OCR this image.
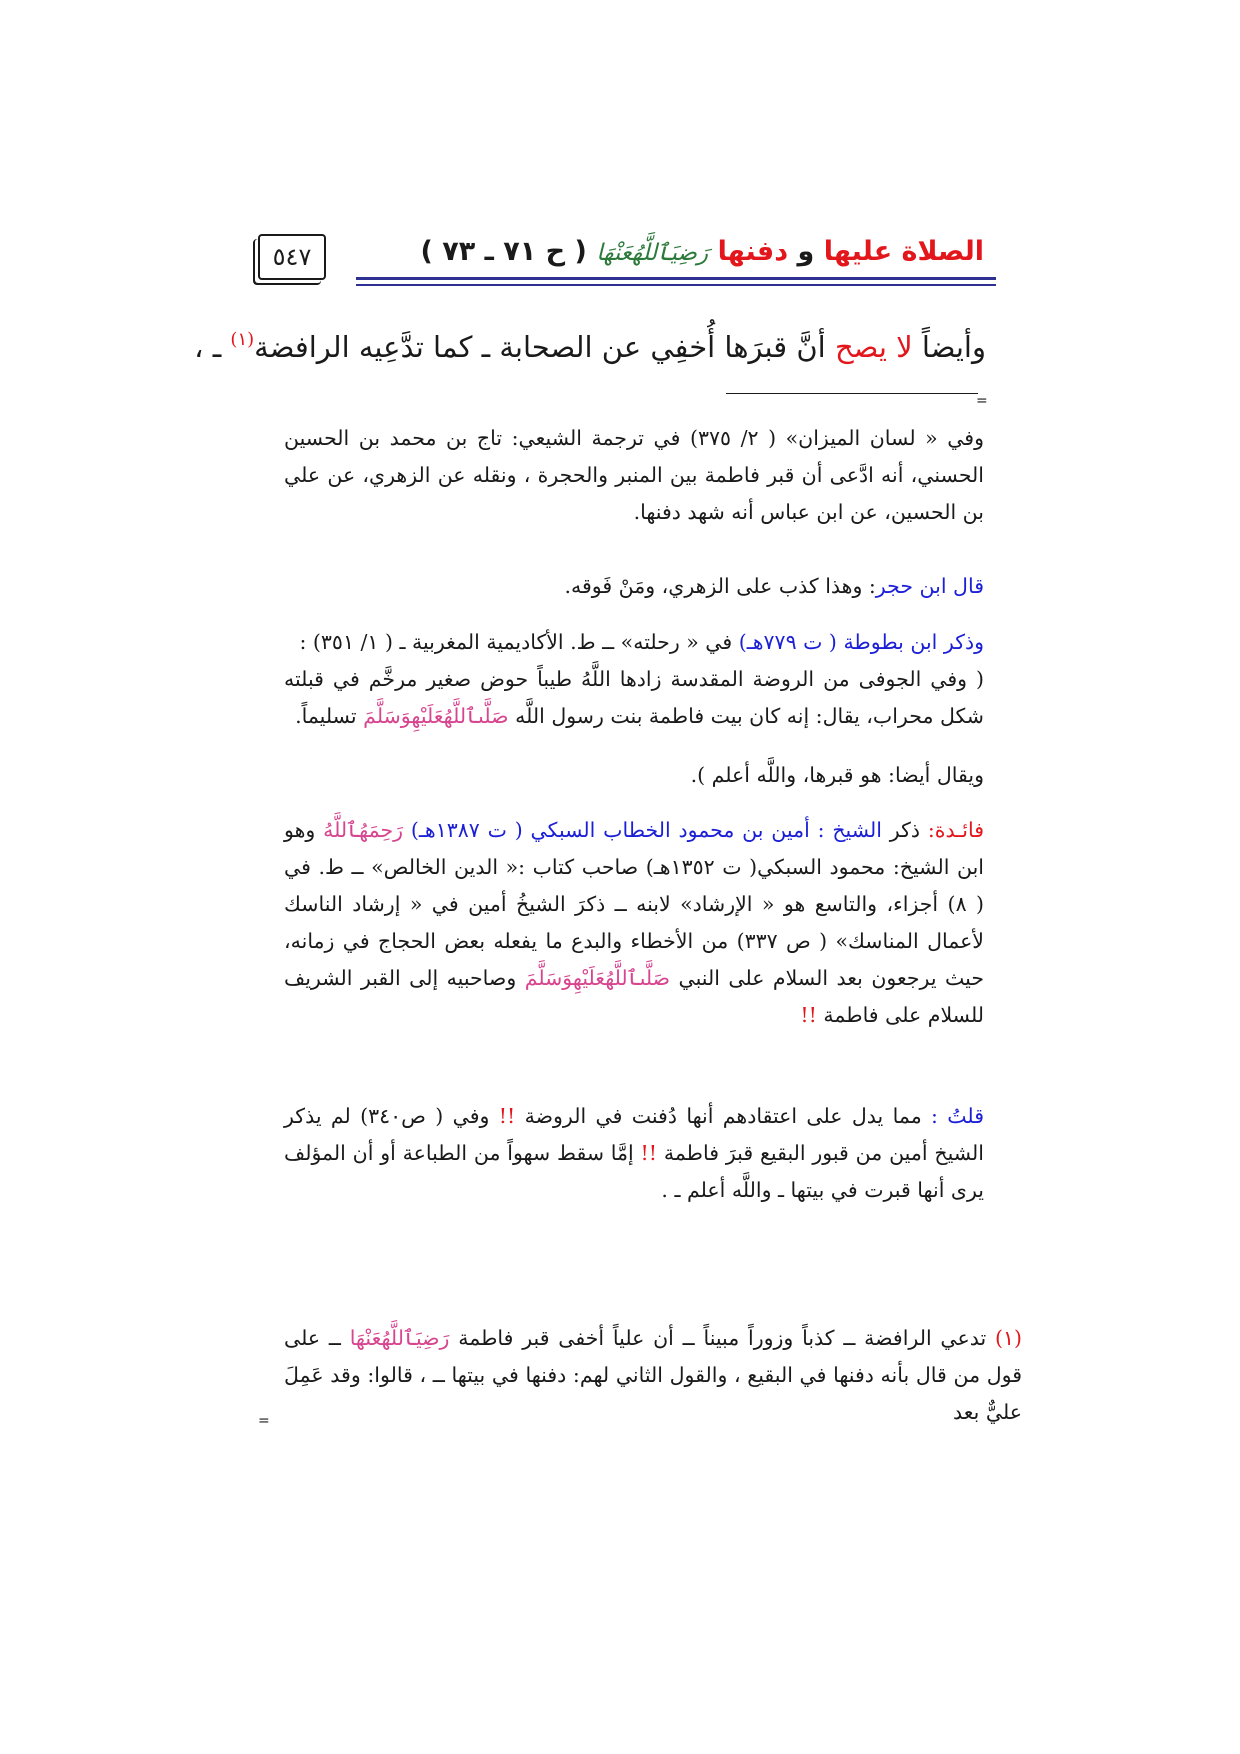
الصلاة عليها و دفنها رَضِيَٱللَّهُعَنْهَا ( ح ٧١ ـ ٧٣ )
٥٤٧
وأيضاً لا يصح أنَّ قبرَها أُخفِي عن الصحابة ـ كما تدَّعِيه الرافضة$^{(١)}$ ـ ،
=

وفي « لسان الميزان» ( ٢/ ٣٧٥) في ترجمة الشيعي: تاج بن محمد بن الحسين الحسني، أنه ادَّعى أن قبر فاطمة بين المنبر والحجرة ، ونقله عن الزهري، عن علي بن الحسين، عن ابن عباس أنه شهد دفنها.

قال ابن حجر: وهذا كذب على الزهري، ومَنْ فَوقه.

وذكر ابن بطوطة ( ت ٧٧٩هـ) في « رحلته» ــ ط. الأكاديمية المغربية ـ ( ١/ ٣٥١) :

( وفي الجوفى من الروضة المقدسة زادها اللَّهُ طيباً حوض صغير مرخَّم في قبلته شكل محراب، يقال: إنه كان بيت فاطمة بنت رسول اللَّه صَلَّىٱللَّهُعَلَيْهِوَسَلَّمَ تسليماً.

ويقال أيضا: هو قبرها، واللَّه أعلم ).

فائـدة: ذكر الشيخ : أمين بن محمود الخطاب السبكي ( ت ١٣٨٧هـ) رَحِمَهُٱللَّهُ وهو ابن الشيخ: محمود السبكي( ت ١٣٥٢هـ) صاحب كتاب :« الدين الخالص» ــ ط. في ( ٨) أجزاء، والتاسع هو « الإرشاد» لابنه ــ ذكرَ الشيخُ أمين في « إرشاد الناسك لأعمال المناسك» ( ص ٣٣٧) من الأخطاء والبدع ما يفعله بعض الحجاج في زمانه، حيث يرجعون بعد السلام على النبي صَلَّىٱللَّهُعَلَيْهِوَسَلَّمَ وصاحبيه إلى القبر الشريف للسلام على فاطمة !!

قلتُ : مما يدل على اعتقادهم أنها دُفنت في الروضة !! وفي ( ص٣٤٠) لم يذكر الشيخ أمين من قبور البقيع قبرَ فاطمة !! إمَّا سقط سهواً من الطباعة أو أن المؤلف يرى أنها قبرت في بيتها ـ واللَّه أعلم ـ .

(١) تدعي الرافضة ــ كذباً وزوراً مبيناً ــ أن علياً أخفى قبر فاطمة رَضِيَٱللَّهُعَنْهَا ــ على قول من قال بأنه دفنها في البقيع ، والقول الثاني لهم: دفنها في بيتها ــ ، قالوا: وقد عَمِلَ عليٌّ بعد

=
